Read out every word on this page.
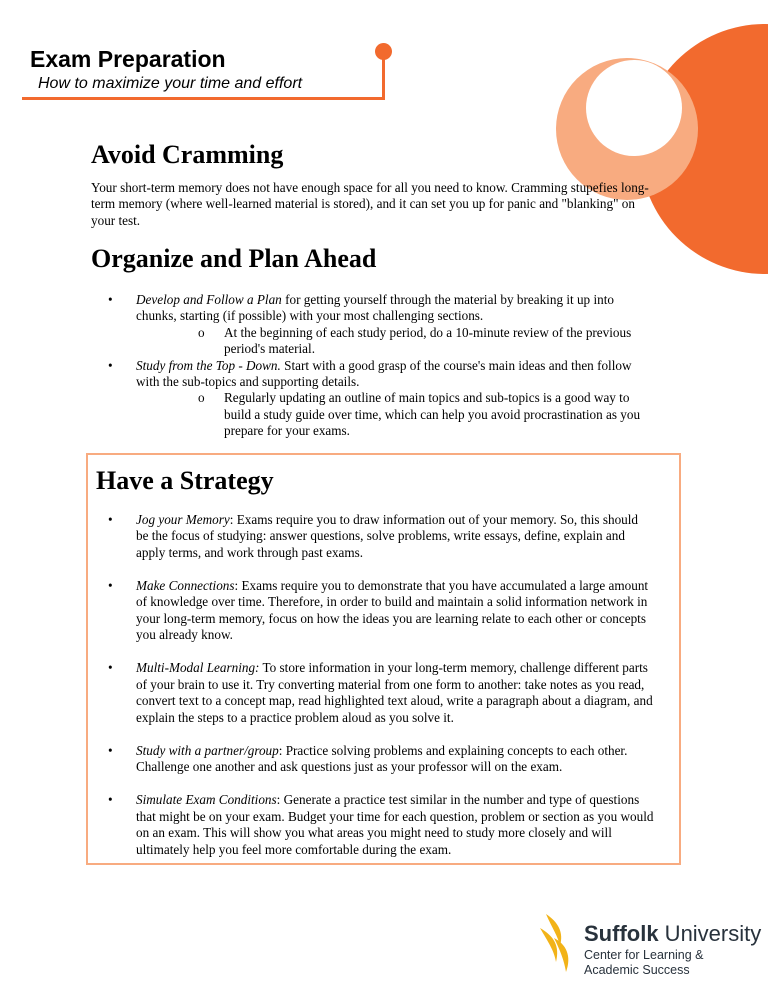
Exam Preparation
How to maximize your time and effort
Avoid Cramming

Your short-term memory does not have enough space for all you need to know. Cramming stupefies long-
term memory (where well-learned material is stored), and it can set you up for panic and "blanking" on
your test.

Organize and Plan Ahead
• Develop and Follow a Plan for getting yourself through the material by breaking it up into
chunks, starting (if possible) with your most challenging sections.
o At the beginning of each study period, do a 10-minute review of the previous
period's material.
• Study from the Top - Down. Start with a good grasp of the course's main ideas and then follow
with the sub-topics and supporting details.
o Regularly updating an outline of main topics and sub-topics is a good way to
build a study guide over time, which can help you avoid procrastination as you
prepare for your exams.
Have a Strategy
• Jog your Memory: Exams require you to draw information out of your memory. So, this should
be the focus of studying: answer questions, solve problems, write essays, define, explain and
apply terms, and work through past exams.
• Make Connections: Exams require you to demonstrate that you have accumulated a large amount
of knowledge over time. Therefore, in order to build and maintain a solid information network in
your long-term memory, focus on how the ideas you are learning relate to each other or concepts
you already know.
• Multi-Modal Learning: To store information in your long-term memory, challenge different parts
of your brain to use it. Try converting material from one form to another: take notes as you read,
convert text to a concept map, read highlighted text aloud, write a paragraph about a diagram, and
explain the steps to a practice problem aloud as you solve it.
• Study with a partner/group: Practice solving problems and explaining concepts to each other.
Challenge one another and ask questions just as your professor will on the exam.
• Simulate Exam Conditions: Generate a practice test similar in the number and type of questions
that might be on your exam. Budget your time for each question, problem or section as you would
on an exam. This will show you what areas you might need to study more closely and will
ultimately help you feel more comfortable during the exam.
Suffolk University
Center for Learning &
Academic Success
